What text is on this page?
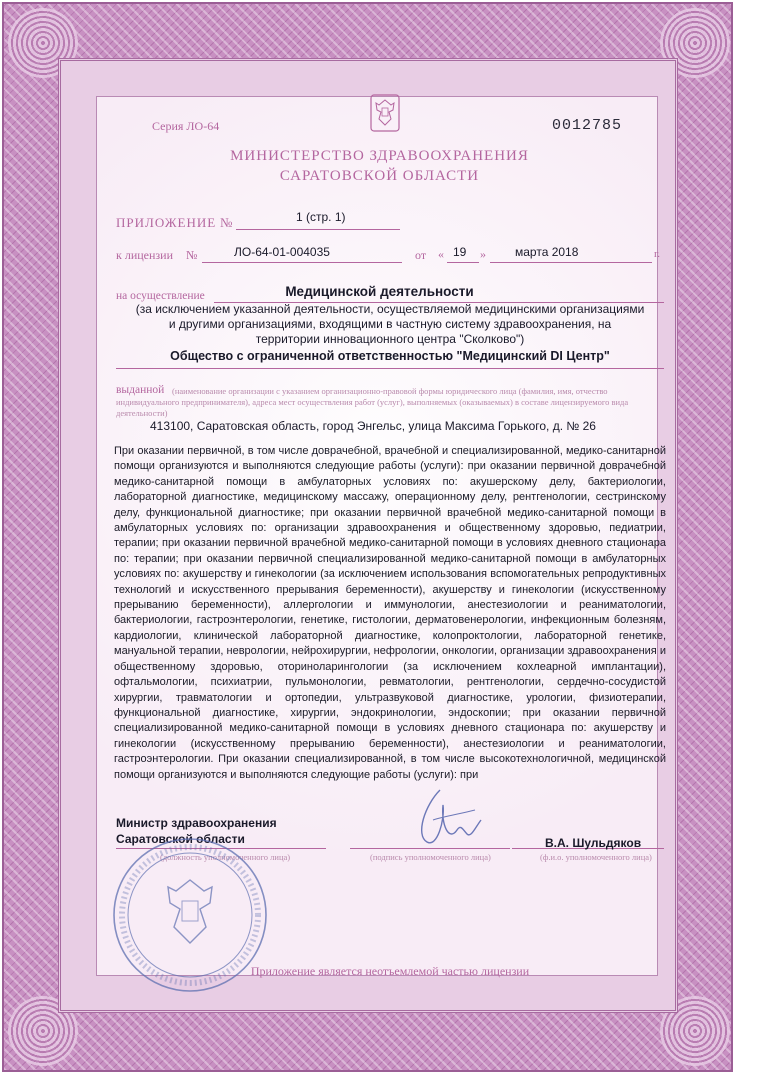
Серия ЛО-64	0012785
МИНИСТЕРСТВО ЗДРАВООХРАНЕНИЯ
САРАТОВСКОЙ ОБЛАСТИ
ПРИЛОЖЕНИЕ №	1 (стр. 1)
к лицензии №	ЛО-64-01-004035	от « 19 » марта 2018	г.
на осуществление	Медицинской деятельности
(за исключением указанной деятельности, осуществляемой медицинскими организациями
и другими организациями, входящими в частную систему здравоохранения, на
территории инновационного центра "Сколково")
Общество с ограниченной ответственностью "Медицинский DI Центр"
выданной (наименование организации с указанием организационно-правовой формы юридического лица (фамилия, имя, отчество
индивидуального предпринимателя), адреса мест осуществления работ (услуг), выполняемых (оказываемых) в составе лицензируемого вида
деятельности)
413100, Саратовская область, город Энгельс, улица Максима Горького, д. № 26
При оказании первичной, в том числе доврачебной, врачебной и специализированной, медико-санитарной помощи организуются и выполняются следующие работы (услуги): при оказании первичной доврачебной медико-санитарной помощи в амбулаторных условиях по: акушерскому делу, бактериологии, лабораторной диагностике, медицинскому массажу, операционному делу, рентгенологии, сестринскому делу, функциональной диагностике; при оказании первичной врачебной медико-санитарной помощи в амбулаторных условиях по: организации здравоохранения и общественному здоровью, педиатрии, терапии; при оказании первичной врачебной медико-санитарной помощи в условиях дневного стационара по: терапии; при оказании первичной специализированной медико-санитарной помощи в амбулаторных условиях по: акушерству и гинекологии (за исключением использования вспомогательных репродуктивных технологий и искусственного прерывания беременности), акушерству и гинекологии (искусственному прерыванию беременности), аллергологии и иммунологии, анестезиологии и реаниматологии, бактериологии, гастроэнтерологии, генетике, гистологии, дерматовенерологии, инфекционным болезням, кардиологии, клинической лабораторной диагностике, колопроктологии, лабораторной генетике, мануальной терапии, неврологии, нейрохирургии, нефрологии, онкологии, организации здравоохранения и общественному здоровью, оториноларингологии (за исключением кохлеарной имплантации), офтальмологии, психиатрии, пульмонологии, ревматологии, рентгенологии, сердечно-сосудистой хирургии, травматологии и ортопедии, ультразвуковой диагностике, урологии, физиотерапии, функциональной диагностике, хирургии, эндокринологии, эндоскопии; при оказании первичной специализированной медико-санитарной помощи в условиях дневного стационара по: акушерству и гинекологии (искусственному прерыванию беременности), анестезиологии и реаниматологии, гастроэнтерологии. При оказании специализированной, в том числе высокотехнологичной, медицинской помощи организуются и выполняются следующие работы (услуги): при
Министр здравоохранения
Саратовской области	В.А. Шульдяков
(должность уполномоченного лица)	(подпись уполномоченного лица)	(ф.и.о. уполномоченного лица)
Приложение является неотъемлемой частью лицензии
